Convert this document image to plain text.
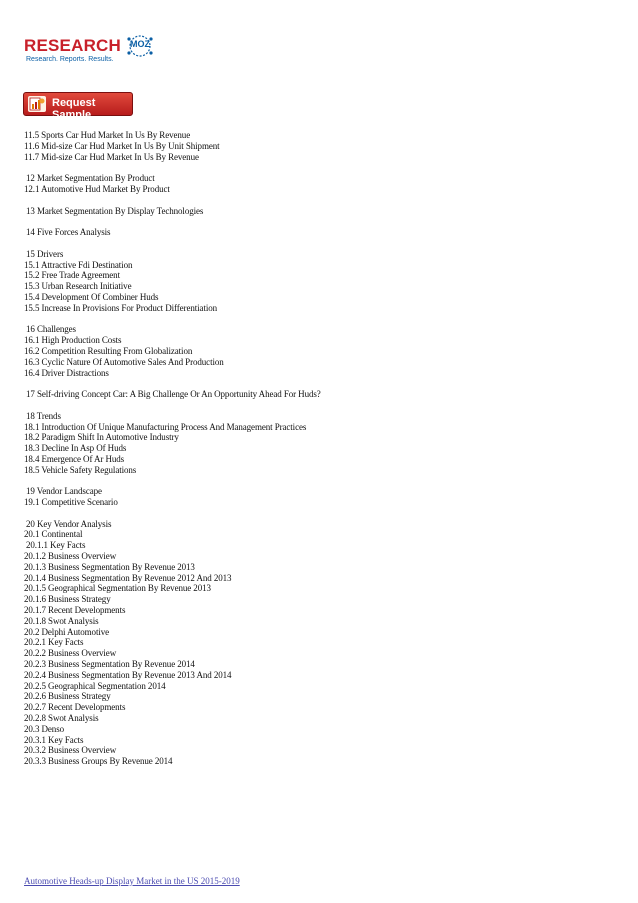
RESEARCH MOZ
Research. Reports. Results.
Request Sample
11.5 Sports Car Hud Market In Us By Revenue
11.6 Mid-size Car Hud Market In Us By Unit Shipment
11.7 Mid-size Car Hud Market In Us By Revenue
12 Market Segmentation By Product
12.1 Automotive Hud Market By Product
13 Market Segmentation By Display Technologies
14 Five Forces Analysis
15 Drivers
15.1 Attractive Fdi Destination
15.2 Free Trade Agreement
15.3 Urban Research Initiative
15.4 Development Of Combiner Huds
15.5 Increase In Provisions For Product Differentiation
16 Challenges
16.1 High Production Costs
16.2 Competition Resulting From Globalization
16.3 Cyclic Nature Of Automotive Sales And Production
16.4 Driver Distractions
17 Self-driving Concept Car: A Big Challenge Or An Opportunity Ahead For Huds?
18 Trends
18.1 Introduction Of Unique Manufacturing Process And Management Practices
18.2 Paradigm Shift In Automotive Industry
18.3 Decline In Asp Of Huds
18.4 Emergence Of Ar Huds
18.5 Vehicle Safety Regulations
19 Vendor Landscape
19.1 Competitive Scenario
20 Key Vendor Analysis
20.1 Continental
20.1.1 Key Facts
20.1.2 Business Overview
20.1.3 Business Segmentation By Revenue 2013
20.1.4 Business Segmentation By Revenue 2012 And 2013
20.1.5 Geographical Segmentation By Revenue 2013
20.1.6 Business Strategy
20.1.7 Recent Developments
20.1.8 Swot Analysis
20.2 Delphi Automotive
20.2.1 Key Facts
20.2.2 Business Overview
20.2.3 Business Segmentation By Revenue 2014
20.2.4 Business Segmentation By Revenue 2013 And 2014
20.2.5 Geographical Segmentation 2014
20.2.6 Business Strategy
20.2.7 Recent Developments
20.2.8 Swot Analysis
20.3 Denso
20.3.1 Key Facts
20.3.2 Business Overview
20.3.3 Business Groups By Revenue 2014
Automotive Heads-up Display Market in the US 2015-2019
